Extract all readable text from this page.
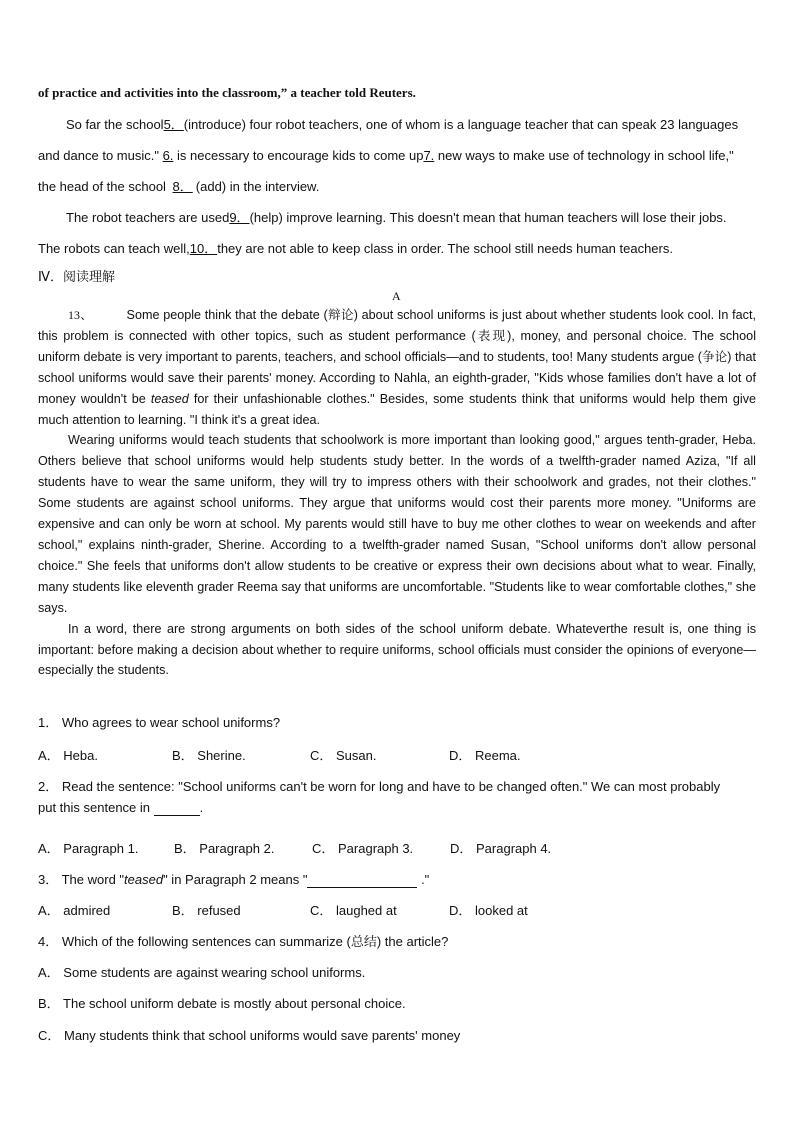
of practice and activities into the classroom,” a teacher told Reuters.
So far the school5．(introduce) four robot teachers, one of whom is a language teacher that can speak 23 languages
and dance to music." 6. is necessary to encourage kids to come up7. new ways to make use of technology in school life,"
the head of the school 8． (add) in the interview.
The robot teachers are used9．(help) improve learning. This doesn't mean that human teachers will lose their jobs.
The robots can teach well,10．they are not able to keep class in order. The school still needs human teachers.
Ⅳ．阅读理解
A

13、	Some people think that the debate (辩论) about school uniforms is just about whether students look cool. In fact, this problem is connected with other topics, such as student performance (表现), money, and personal choice. The school uniform debate is very important to parents, teachers, and school officials—and to students, too! Many students argue (争论) that school uniforms would save their parents' money. According to Nahla, an eighth-grader, "Kids whose families don't have a lot of money wouldn't be teased for their unfashionable clothes." Besides, some students think that uniforms would help them give much attention to learning. "I think it's a great idea.

Wearing uniforms would teach students that schoolwork is more important than looking good," argues tenth-grader, Heba. Others believe that school uniforms would help students study better. In the words of a twelfth-grader named Aziza, "If all students have to wear the same uniform, they will try to impress others with their schoolwork and grades, not their clothes." Some students are against school uniforms. They argue that uniforms would cost their parents more money. "Uniforms are expensive and can only be worn at school. My parents would still have to buy me other clothes to wear on weekends and after school," explains ninth-grader, Sherine. According to a twelfth-grader named Susan, "School uniforms don't allow personal choice." She feels that uniforms don't allow students to be creative or express their own decisions about what to wear. Finally, many students like eleventh grader Reema say that uniforms are uncomfortable. "Students like to wear comfortable clothes," she says.

In a word, there are strong arguments on both sides of the school uniform debate. Whateverthe result is, one thing is important: before making a decision about whether to require uniforms, school officials must consider the opinions of everyone—especially the students.

1． Who agrees to wear school uniforms?
A． Heba.	B． Sherine.	C． Susan.	D． Reema.
2． Read the sentence: "School uniforms can't be worn for long and have to be changed often." We can most probably
put this sentence in	.
A． Paragraph 1.	B． Paragraph 2.	C． Paragraph 3.	D． Paragraph 4.
3． The word "teased" in Paragraph 2 means "	."
A． admired	B． refused	C． laughed at	D． looked at
4． Which of the following sentences can summarize (总结) the article?
A． Some students are against wearing school uniforms.
B． The school uniform debate is mostly about personal choice.
C． Many students think that school uniforms would save parents' money
